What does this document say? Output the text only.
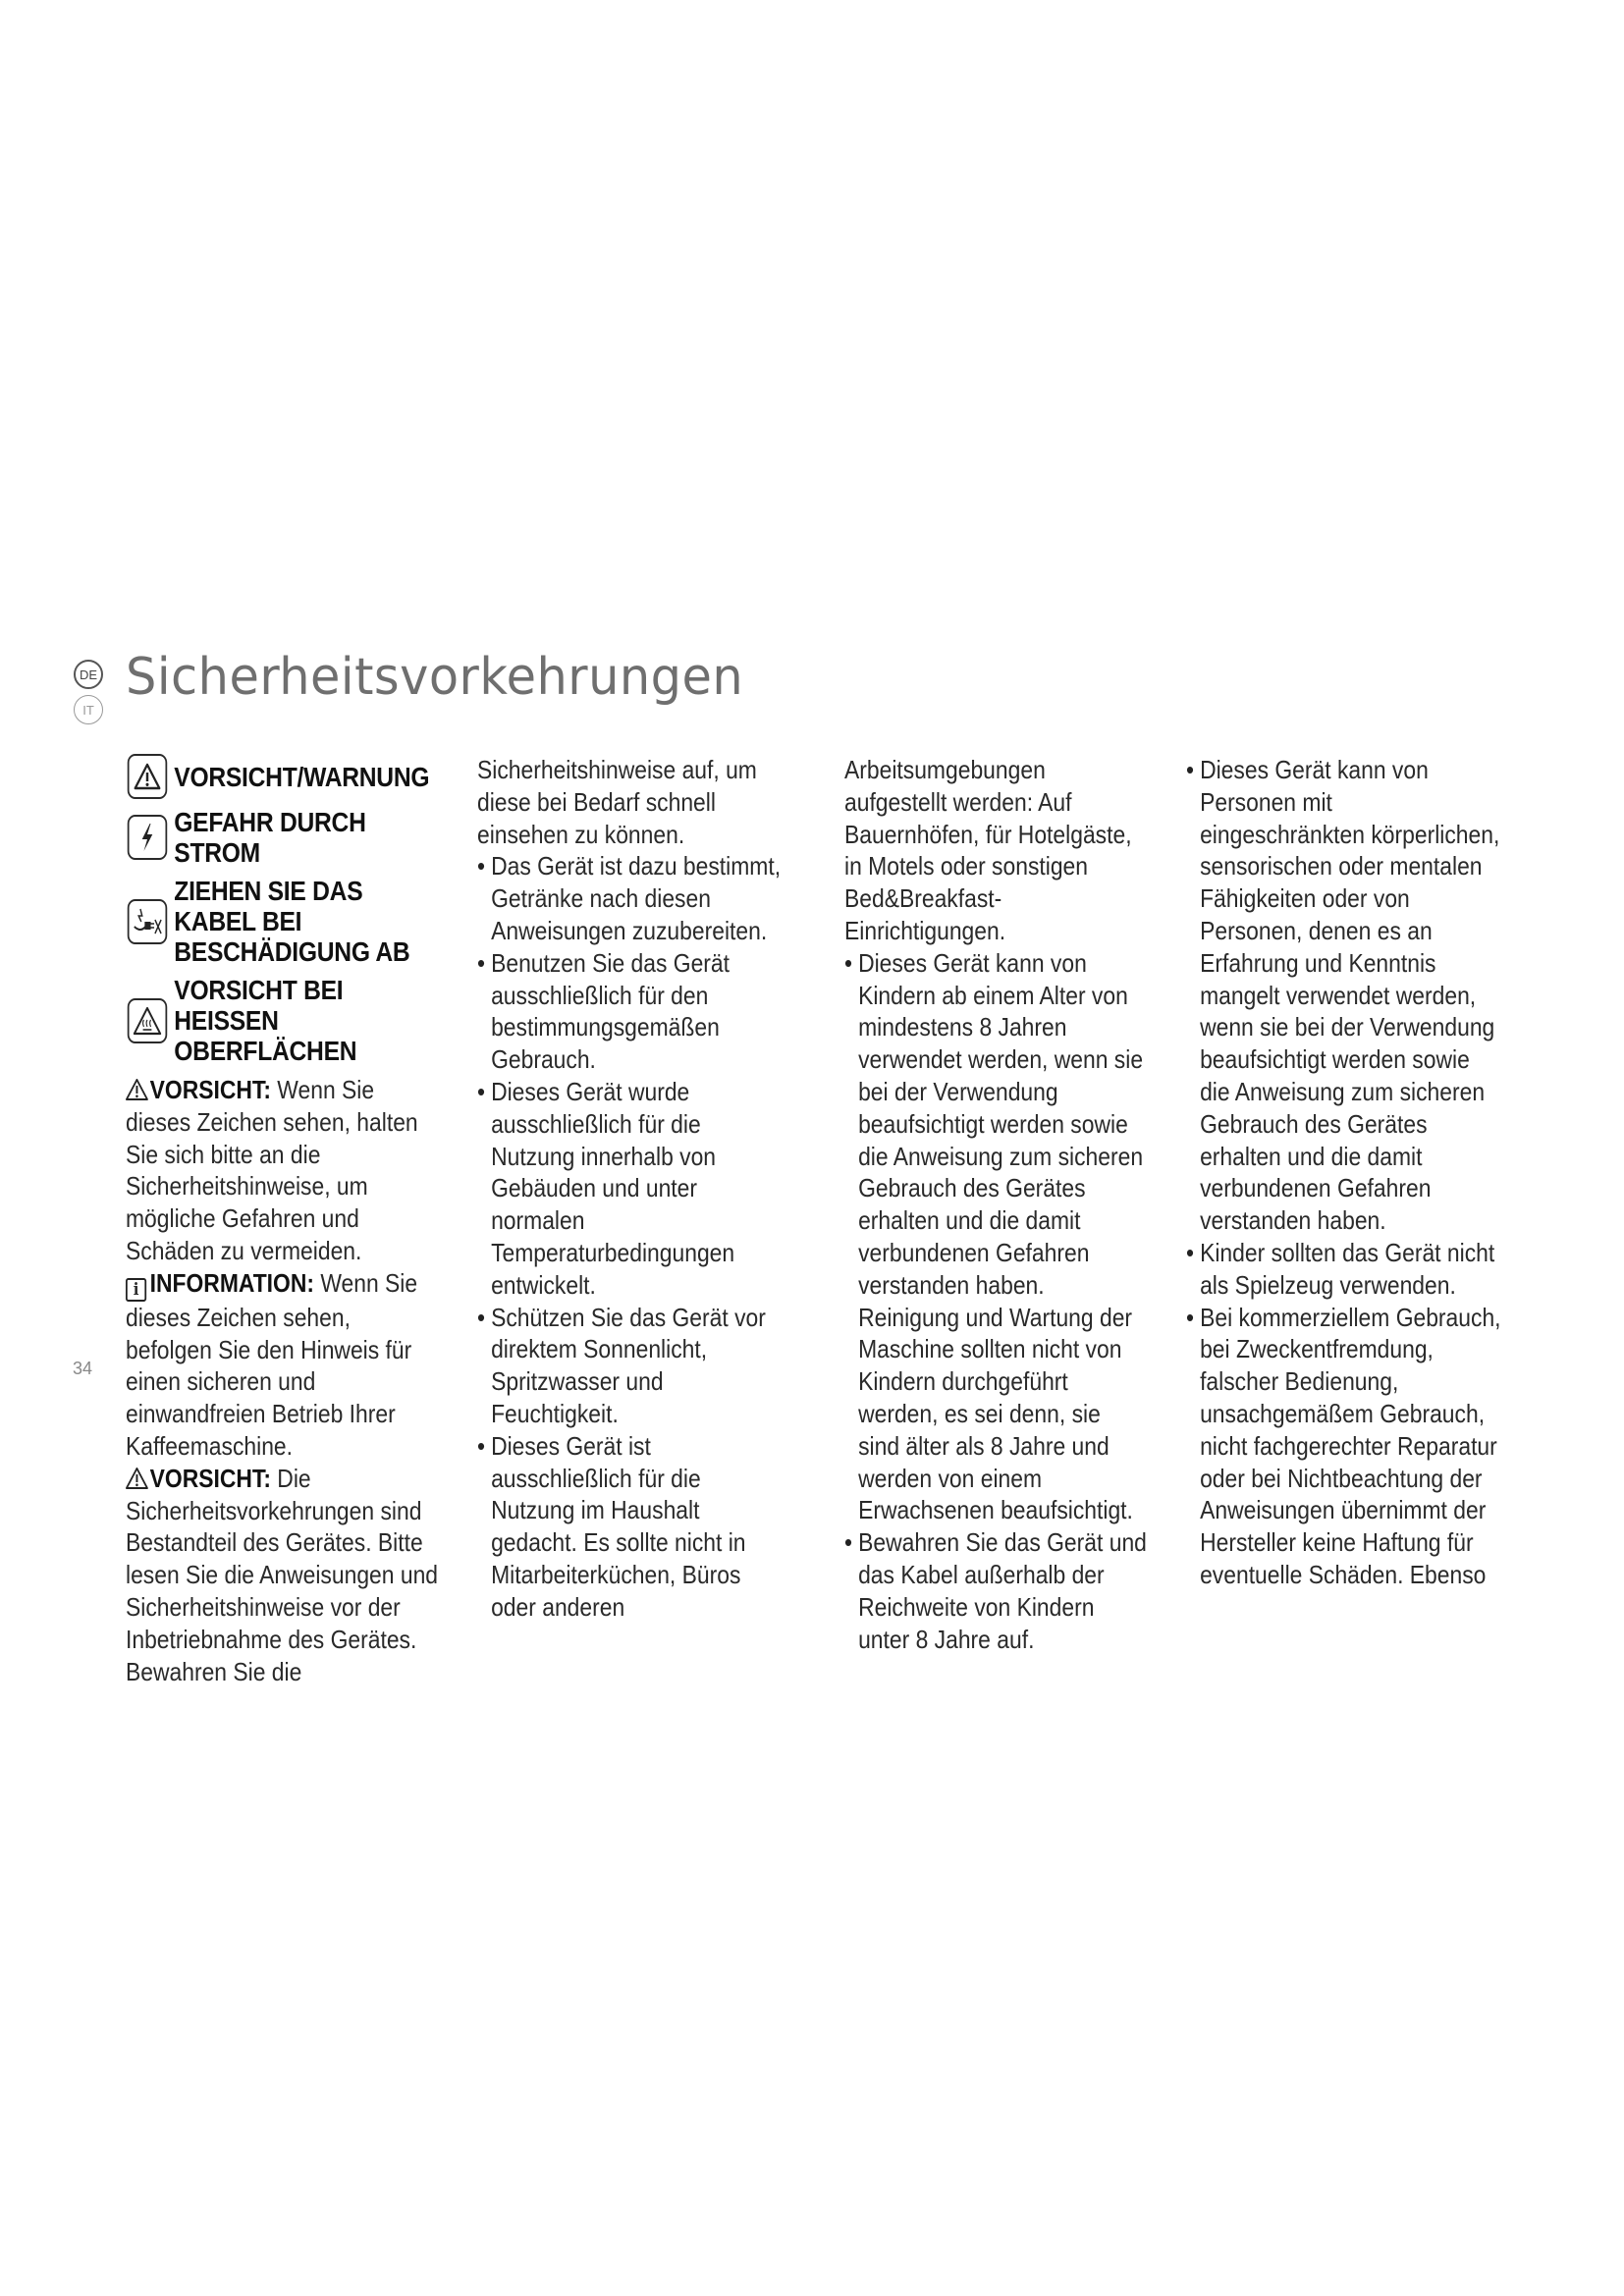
DE
IT
Sicherheitsvorkehrungen
VORSICHT/WARNUNG
GEFAHR DURCH STROM
ZIEHEN SIE DAS KABEL BEI BESCHÄDIGUNG AB
VORSICHT BEI HEISSEN OBERFLÄCHEN

VORSICHT: Wenn Sie dieses Zeichen sehen, halten Sie sich bitte an die Sicherheitshinweise, um mögliche Gefahren und Schäden zu vermeiden.

i INFORMATION: Wenn Sie dieses Zeichen sehen, befolgen Sie den Hinweis für einen sicheren und einwandfreien Betrieb Ihrer Kaffeemaschine.

VORSICHT: Die Sicherheitsvorkehrungen sind Bestandteil des Gerätes. Bitte lesen Sie die Anweisungen und Sicherheitshinweise vor der Inbetriebnahme des Gerätes. Bewahren Sie die

Sicherheitshinweise auf, um diese bei Bedarf schnell einsehen zu können.

• Das Gerät ist dazu bestimmt, Getränke nach diesen Anweisungen zuzubereiten.
• Benutzen Sie das Gerät ausschließlich für den bestimmungsgemäßen Gebrauch.
• Dieses Gerät wurde ausschließlich für die Nutzung innerhalb von Gebäuden und unter normalen Temperaturbedingungen entwickelt.
• Schützen Sie das Gerät vor direktem Sonnenlicht, Spritzwasser und Feuchtigkeit.
• Dieses Gerät ist ausschließlich für die Nutzung im Haushalt gedacht. Es sollte nicht in Mitarbeiterküchen, Büros oder anderen

Arbeitsumgebungen aufgestellt werden: Auf Bauernhöfen, für Hotelgäste, in Motels oder sonstigen Bed&Breakfast-Einrichtigungen.

• Dieses Gerät kann von Kindern ab einem Alter von mindestens 8 Jahren verwendet werden, wenn sie bei der Verwendung beaufsichtigt werden sowie die Anweisung zum sicheren Gebrauch des Gerätes erhalten und die damit verbundenen Gefahren verstanden haben. Reinigung und Wartung der Maschine sollten nicht von Kindern durchgeführt werden, es sei denn, sie sind älter als 8 Jahre und werden von einem Erwachsenen beaufsichtigt.
• Bewahren Sie das Gerät und das Kabel außerhalb der Reichweite von Kindern unter 8 Jahre auf.
• Dieses Gerät kann von Personen mit eingeschränkten körperlichen, sensorischen oder mentalen Fähigkeiten oder von Personen, denen es an Erfahrung und Kenntnis mangelt verwendet werden, wenn sie bei der Verwendung beaufsichtigt werden sowie die Anweisung zum sicheren Gebrauch des Gerätes erhalten und die damit verbundenen Gefahren verstanden haben.
• Kinder sollten das Gerät nicht als Spielzeug verwenden.
• Bei kommerziellem Gebrauch, bei Zweckentfremdung, falscher Bedienung, unsachgemäßem Gebrauch, nicht fachgerechter Reparatur oder bei Nichtbeachtung der Anweisungen übernimmt der Hersteller keine Haftung für eventuelle Schäden. Ebenso
34
